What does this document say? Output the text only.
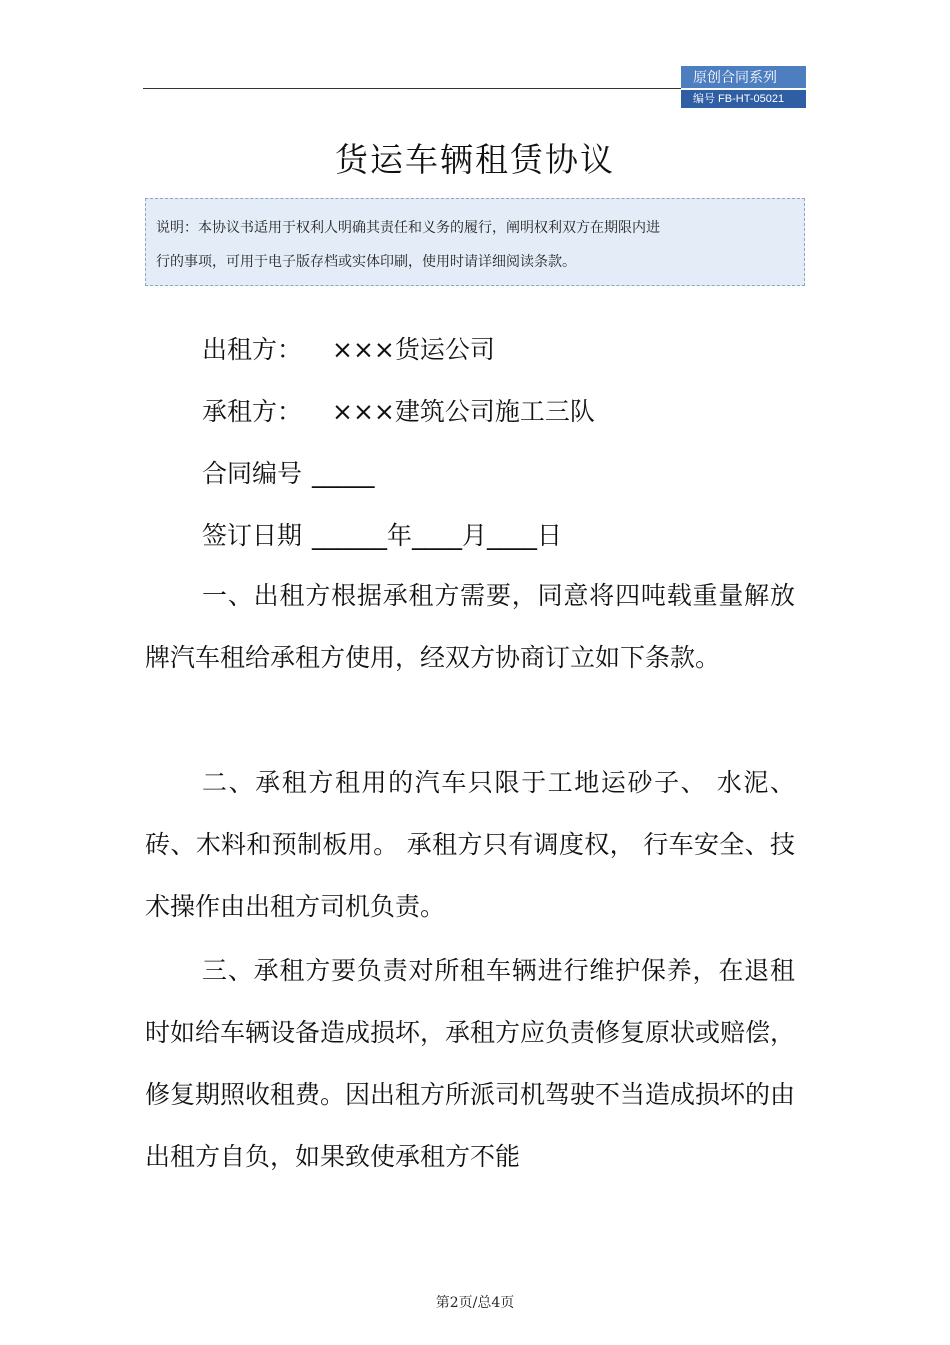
原创合同系列
编号 FB-HT-05021
货运车辆租赁协议

说明：本协议书适用于权利人明确其责任和义务的履行，阐明权利双方在期限内进

行的事项，可用于电子版存档或实体印刷，使用时请详细阅读条款。

出租方： ×××货运公司
承租方： ×××建筑公司施工三队
合同编号 _____
签订日期 ______年____月____日
一、出租方根据承租方需要，同意将四吨载重量解放牌汽车租给承租方使用，经双方协商订立如下条款。
二、承租方租用的汽车只限于工地运砂子、 水泥、砖、木料和预制板用。 承租方只有调度权， 行车安全、技术操作由出租方司机负责。
三、承租方要负责对所租车辆进行维护保养，在退租时如给车辆设备造成损坏，承租方应负责修复原状或赔偿，修复期照收租费。因出租方所派司机驾驶不当造成损坏的由出租方自负，如果致使承租方不能
第2页/总4页
